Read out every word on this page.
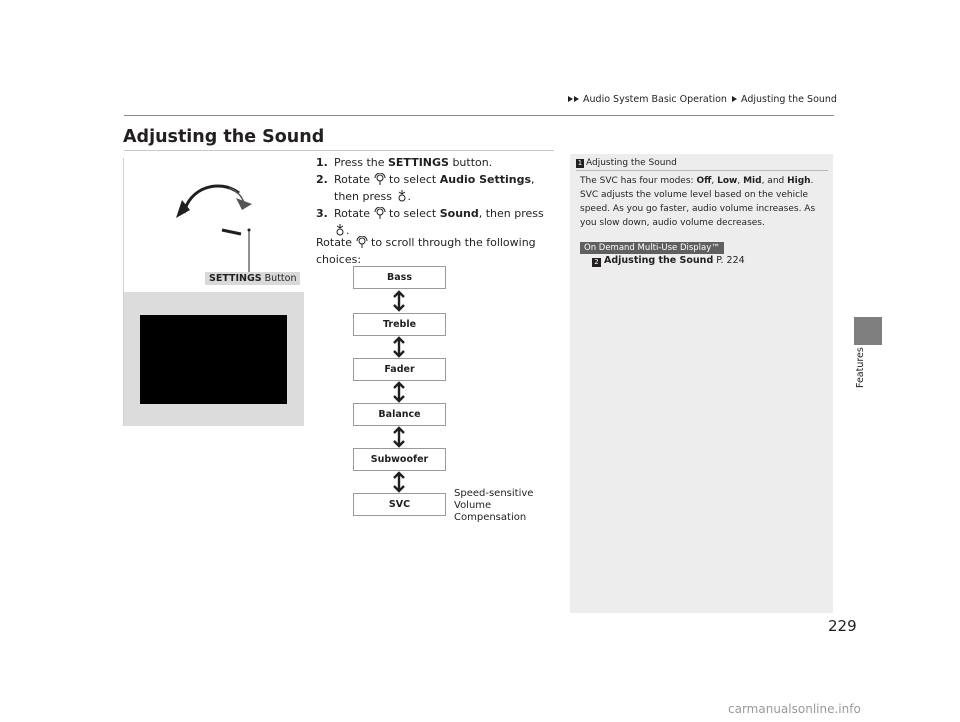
Audio System Basic Operation Adjusting the Sound
Features
Adjusting the Sound
SETTINGS Button
1. Press the SETTINGS button.
2. Rotate  to select Audio Settings, then press .
3. Rotate  to select Sound, then press .
Rotate  to scroll through the following choices:
Bass
Treble
Fader
Balance
Subwoofer
SVC
Speed-sensitive
Volume
Compensation
1 Adjusting the Sound
The SVC has four modes: Off, Low, Mid, and High. SVC adjusts the volume level based on the vehicle speed. As you go faster, audio volume increases. As you slow down, audio volume decreases.
On Demand Multi-Use Display™
2 Adjusting the Sound P. 224
229
carmanualsonline.info
